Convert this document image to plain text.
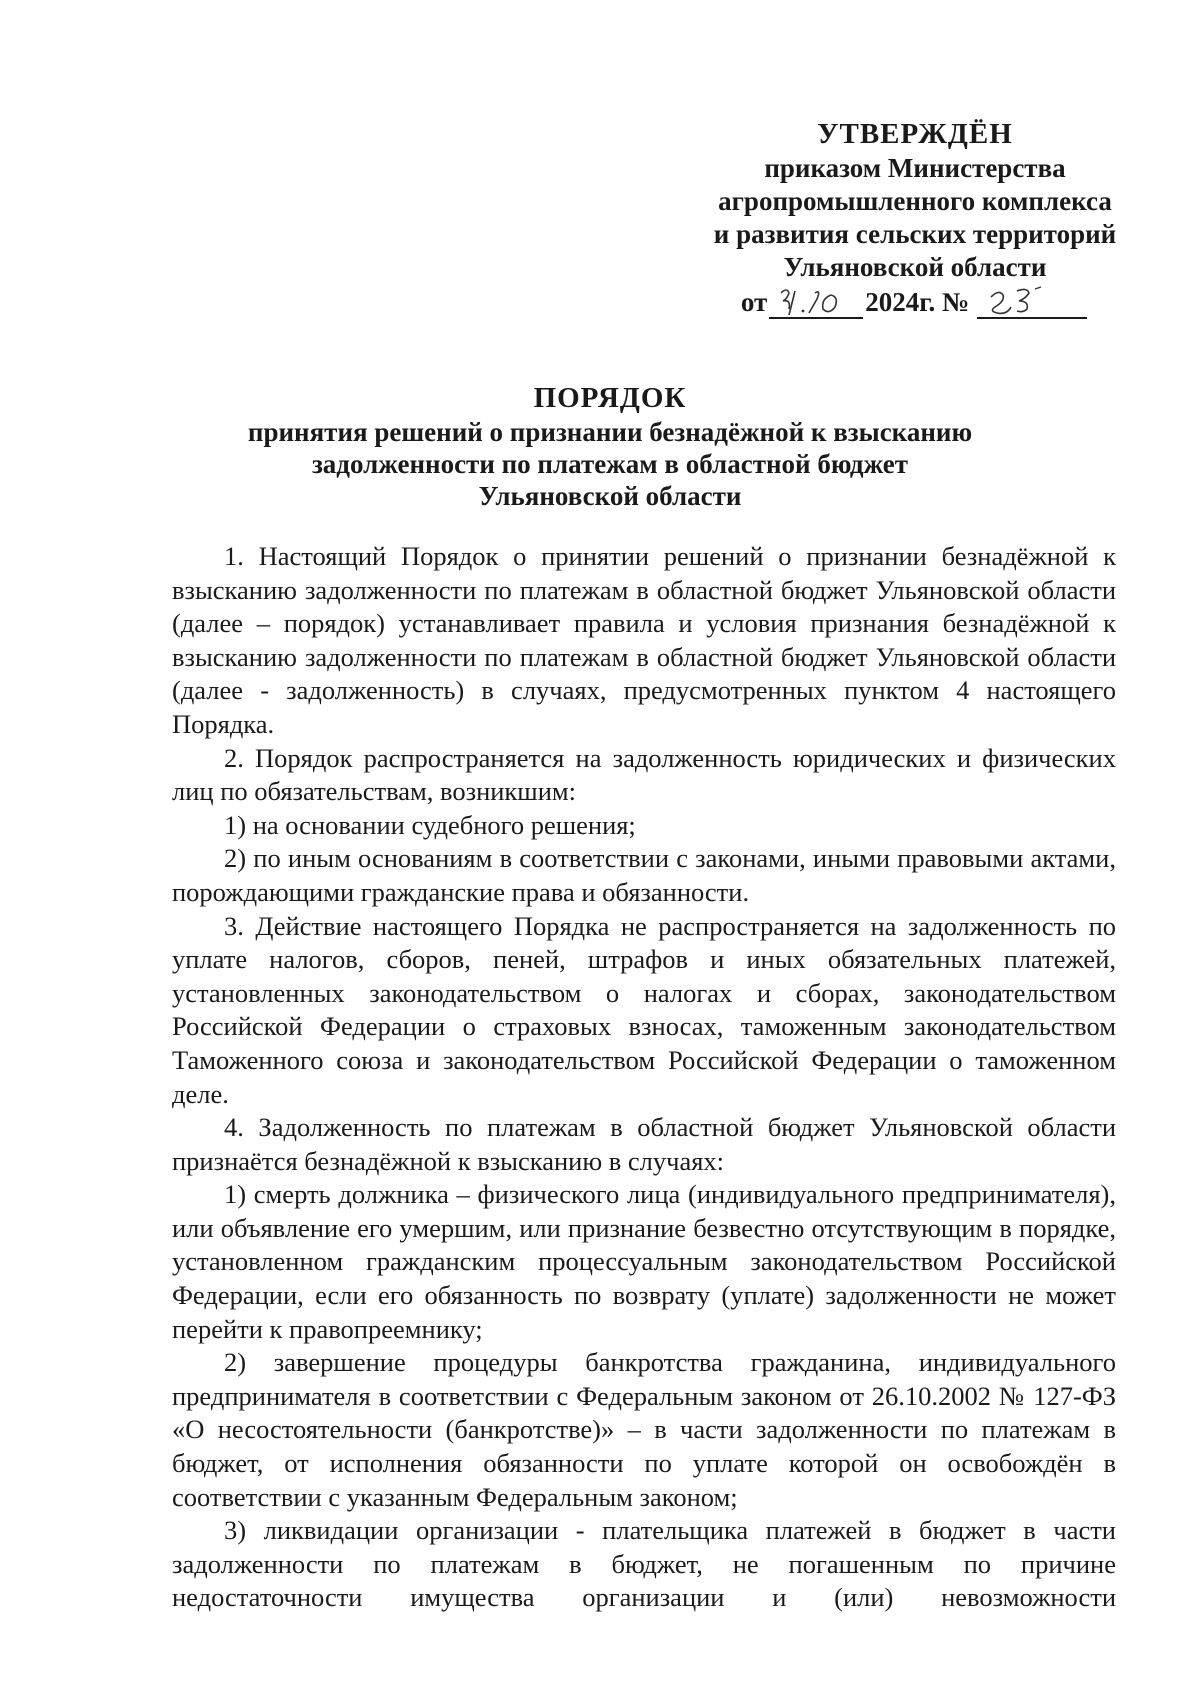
УТВЕРЖДЁН
приказом Министерства
агропромышленного комплекса
и развития сельских территорий
Ульяновской области
от	2024г. №
ПОРЯДОК
принятия решений о признании безнадёжной к взысканию
задолженности по платежам в областной бюджет
Ульяновской области

1. Настоящий Порядок о принятии решений о признании безнадёжной к взысканию задолженности по платежам в областной бюджет Ульяновской области (далее – порядок) устанавливает правила и условия признания безнадёжной к взысканию задолженности по платежам в областной бюджет Ульяновской области (далее - задолженность) в случаях, предусмотренных пунктом 4 настоящего Порядка.

2. Порядок распространяется на задолженность юридических и физических лиц по обязательствам, возникшим:

1) на основании судебного решения;

2) по иным основаниям в соответствии с законами, иными правовыми актами, порождающими гражданские права и обязанности.

3. Действие настоящего Порядка не распространяется на задолженность по уплате налогов, сборов, пеней, штрафов и иных обязательных платежей, установленных законодательством о налогах и сборах, законодательством Российской Федерации о страховых взносах, таможенным законодательством Таможенного союза и законодательством Российской Федерации о таможенном деле.

4. Задолженность по платежам в областной бюджет Ульяновской области признаётся безнадёжной к взысканию в случаях:

1) смерть должника – физического лица (индивидуального предпринимателя), или объявление его умершим, или признание безвестно отсутствующим в порядке, установленном гражданским процессуальным законодательством Российской Федерации, если его обязанность по возврату (уплате) задолженности не может перейти к правопреемнику;

2) завершение процедуры банкротства гражданина, индивидуального предпринимателя в соответствии с Федеральным законом от 26.10.2002 № 127-ФЗ «О несостоятельности (банкротстве)» – в части задолженности по платежам в бюджет, от исполнения обязанности по уплате которой он освобождён в соответствии с указанным Федеральным законом;

3) ликвидации организации - плательщика платежей в бюджет в части задолженности по платежам в бюджет, не погашенным по причине недостаточности имущества организации и (или) невозможности
